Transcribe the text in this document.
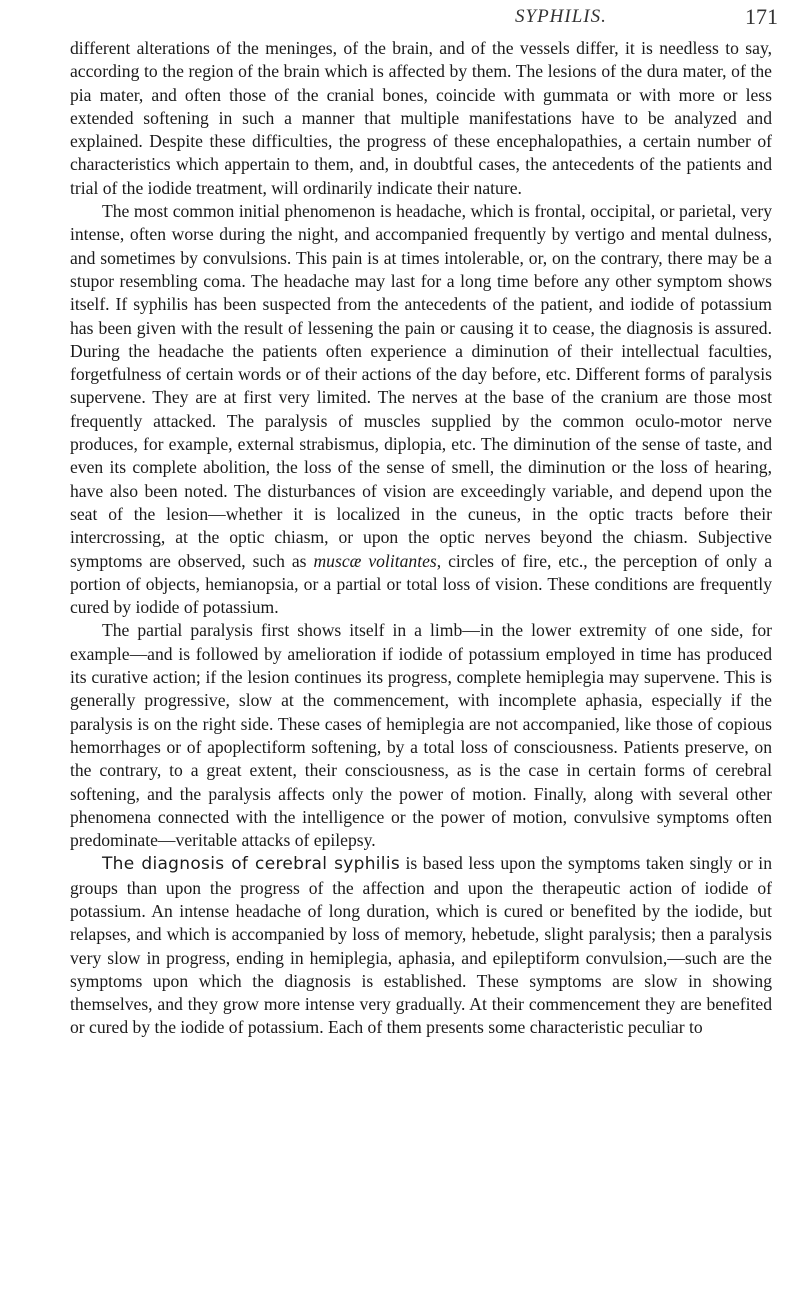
SYPHILIS.	171

different alterations of the meninges, of the brain, and of the vessels differ, it is needless to say, according to the region of the brain which is affected by them. The lesions of the dura mater, of the pia mater, and often those of the cranial bones, coincide with gummata or with more or less extended softening in such a manner that multiple manifestations have to be analyzed and explained. Despite these difficulties, the progress of these encephalopathies, a certain number of characteristics which appertain to them, and, in doubtful cases, the antecedents of the patients and trial of the iodide treatment, will ordinarily indicate their nature.

The most common initial phenomenon is headache, which is frontal, occipital, or parietal, very intense, often worse during the night, and accompanied frequently by vertigo and mental dulness, and sometimes by convulsions. This pain is at times intolerable, or, on the contrary, there may be a stupor resembling coma. The headache may last for a long time before any other symptom shows itself. If syphilis has been suspected from the antecedents of the patient, and iodide of potassium has been given with the result of lessening the pain or causing it to cease, the diagnosis is assured. During the headache the patients often experience a diminution of their intellectual faculties, forgetfulness of certain words or of their actions of the day before, etc. Different forms of paralysis supervene. They are at first very limited. The nerves at the base of the cranium are those most frequently attacked. The paralysis of muscles supplied by the common oculo-motor nerve produces, for example, external strabismus, diplopia, etc. The diminution of the sense of taste, and even its complete abolition, the loss of the sense of smell, the diminution or the loss of hearing, have also been noted. The disturbances of vision are exceedingly variable, and depend upon the seat of the lesion—whether it is localized in the cuneus, in the optic tracts before their intercrossing, at the optic chiasm, or upon the optic nerves beyond the chiasm. Subjective symptoms are observed, such as muscæ volitantes, circles of fire, etc., the perception of only a portion of objects, hemianopsia, or a partial or total loss of vision. These conditions are frequently cured by iodide of potassium.

The partial paralysis first shows itself in a limb—in the lower extremity of one side, for example—and is followed by amelioration if iodide of potassium employed in time has produced its curative action; if the lesion continues its progress, complete hemiplegia may supervene. This is generally progressive, slow at the commencement, with incomplete aphasia, especially if the paralysis is on the right side. These cases of hemiplegia are not accompanied, like those of copious hemorrhages or of apoplectiform softening, by a total loss of consciousness. Patients preserve, on the contrary, to a great extent, their consciousness, as is the case in certain forms of cerebral softening, and the paralysis affects only the power of motion. Finally, along with several other phenomena connected with the intelligence or the power of motion, convulsive symptoms often predominate—veritable attacks of epilepsy.

The diagnosis of cerebral syphilis is based less upon the symptoms taken singly or in groups than upon the progress of the affection and upon the therapeutic action of iodide of potassium. An intense headache of long duration, which is cured or benefited by the iodide, but relapses, and which is accompanied by loss of memory, hebetude, slight paralysis; then a paralysis very slow in progress, ending in hemiplegia, aphasia, and epileptiform convulsion,—such are the symptoms upon which the diagnosis is established. These symptoms are slow in showing themselves, and they grow more intense very gradually. At their commencement they are benefited or cured by the iodide of potassium. Each of them presents some characteristic peculiar to
